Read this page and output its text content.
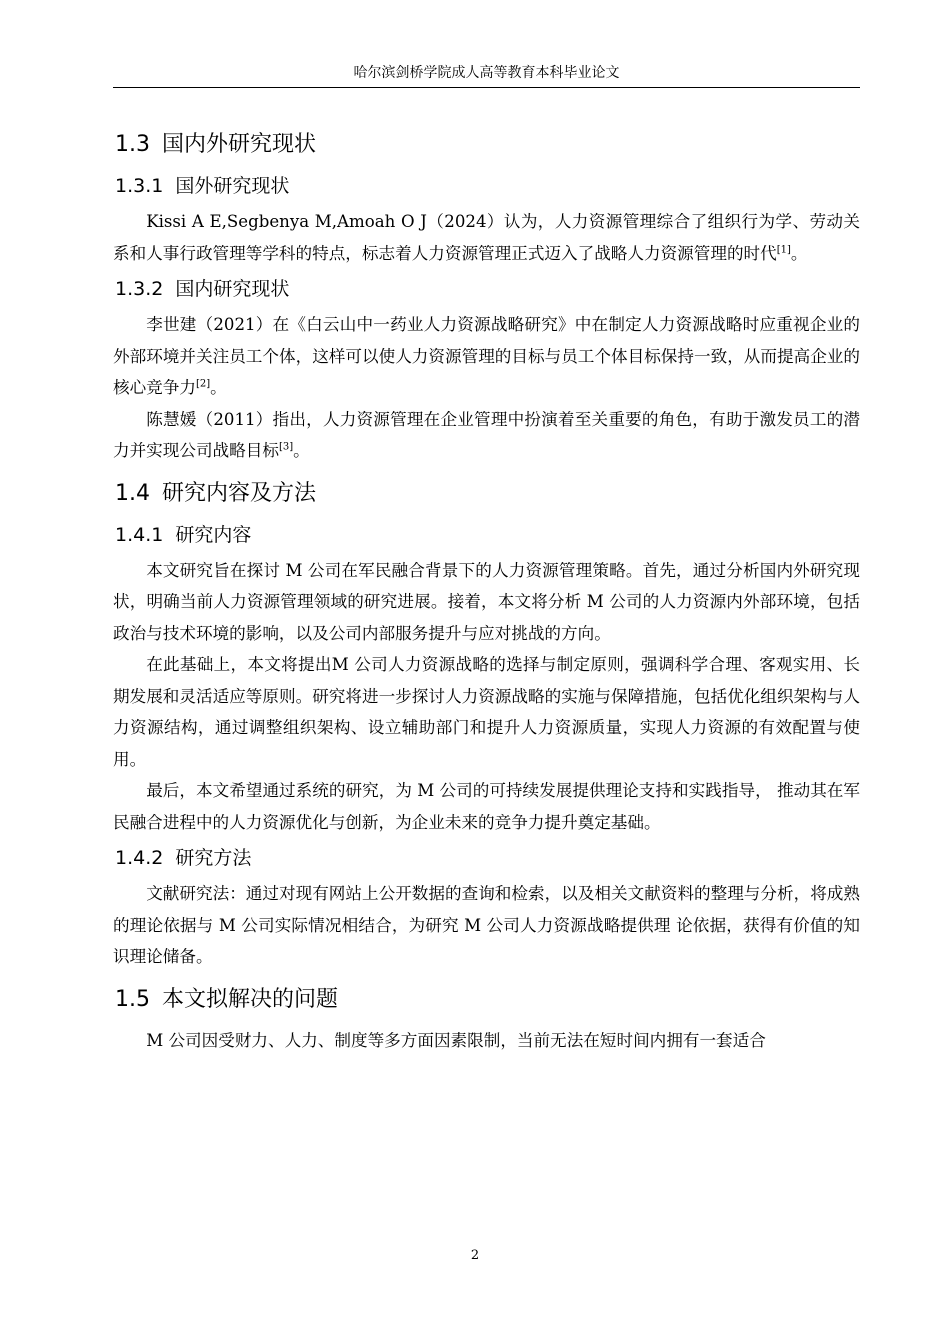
哈尔滨剑桥学院成人高等教育本科毕业论文
1.3 国内外研究现状
1.3.1 国外研究现状

Kissi A E,Segbenya M,Amoah O J（2024）认为，人力资源管理综合了组织行为学、劳动关系和人事行政管理等学科的特点，标志着人力资源管理正式迈入了战略人力资源管理的时代[1]。

1.3.2 国内研究现状

李世建（2021）在《白云山中一药业人力资源战略研究》中在制定人力资源战略时应重视企业的外部环境并关注员工个体，这样可以使人力资源管理的目标与员工个体目标保持一致，从而提高企业的核心竞争力[2]。

陈慧媛（2011）指出，人力资源管理在企业管理中扮演着至关重要的角色，有助于激发员工的潜力并实现公司战略目标[3]。

1.4 研究内容及方法
1.4.1 研究内容

本文研究旨在探讨 M 公司在军民融合背景下的人力资源管理策略。首先，通过分析国内外研究现状，明确当前人力资源管理领域的研究进展。接着，本文将分析 M 公司的人力资源内外部环境，包括政治与技术环境的影响，以及公司内部服务提升与应对挑战的方向。

在此基础上，本文将提出M 公司人力资源战略的选择与制定原则，强调科学合理、客观实用、长期发展和灵活适应等原则。研究将进一步探讨人力资源战略的实施与保障措施，包括优化组织架构与人力资源结构，通过调整组织架构、设立辅助部门和提升人力资源质量，实现人力资源的有效配置与使用。

最后，本文希望通过系统的研究，为 M 公司的可持续发展提供理论支持和实践指导， 推动其在军民融合进程中的人力资源优化与创新，为企业未来的竞争力提升奠定基础。

1.4.2 研究方法

文献研究法：通过对现有网站上公开数据的查询和检索，以及相关文献资料的整理与分析，将成熟的理论依据与 M 公司实际情况相结合，为研究 M 公司人力资源战略提供理 论依据，获得有价值的知识理论储备。

1.5 本文拟解决的问题

M 公司因受财力、人力、制度等多方面因素限制，当前无法在短时间内拥有一套适合

2
